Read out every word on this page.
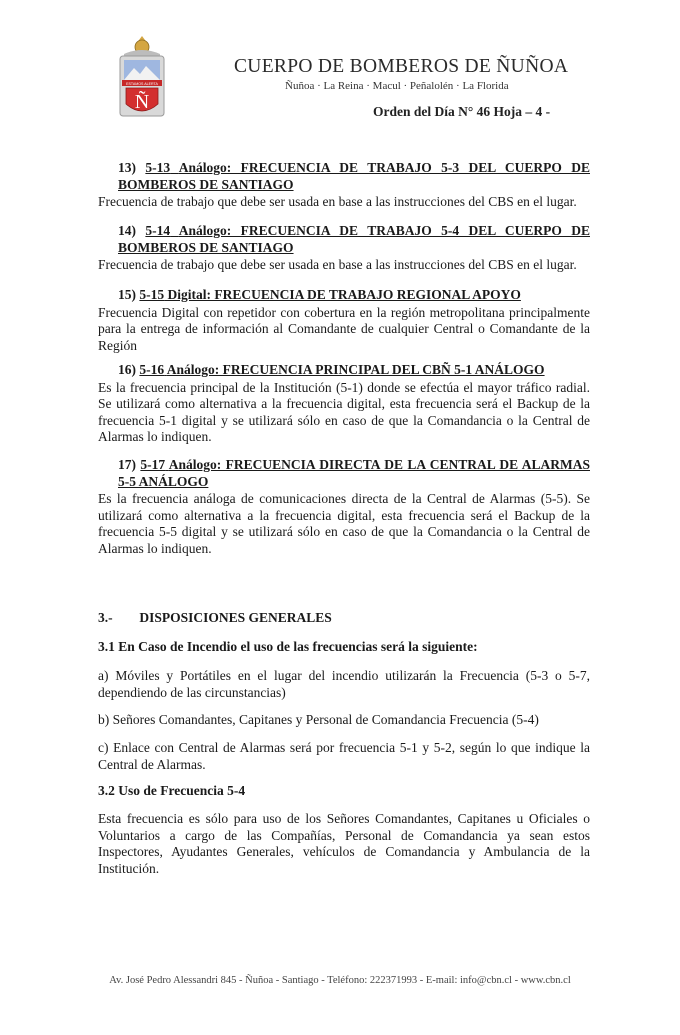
ESTAMOS ALERTA
Ñ
CUERPO DE BOMBEROS DE ÑUÑOA
Ñuñoa · La Reina · Macul · Peñalolén · La Florida
Orden del Día N° 46 Hoja – 4 -
13) 5-13 Análogo: FRECUENCIA DE TRABAJO 5-3 DEL CUERPO DE BOMBEROS DE SANTIAGO
Frecuencia de trabajo que debe ser usada en base a las instrucciones del CBS en el lugar.
14) 5-14 Análogo: FRECUENCIA DE TRABAJO 5-4 DEL CUERPO DE BOMBEROS DE SANTIAGO
Frecuencia de trabajo que debe ser usada en base a las instrucciones del CBS en el lugar.
15) 5-15 Digital: FRECUENCIA DE TRABAJO REGIONAL APOYO
Frecuencia Digital con repetidor con cobertura en la región metropolitana principalmente para la entrega de información al Comandante de cualquier Central o Comandante de la Región
16) 5-16 Análogo: FRECUENCIA PRINCIPAL DEL CBÑ 5-1 ANÁLOGO
Es la frecuencia principal de la Institución (5-1) donde se efectúa el mayor tráfico radial. Se utilizará como alternativa a la frecuencia digital, esta frecuencia será el Backup de la frecuencia 5-1 digital y se utilizará sólo en caso de que la Comandancia o la Central de Alarmas lo indiquen.
17) 5-17 Análogo: FRECUENCIA DIRECTA DE LA CENTRAL DE ALARMAS 5-5 ANÁLOGO
Es la frecuencia análoga de comunicaciones directa de la Central de Alarmas (5-5). Se utilizará como alternativa a la frecuencia digital, esta frecuencia será el Backup de la frecuencia 5-5 digital y se utilizará sólo en caso de que la Comandancia o la Central de Alarmas lo indiquen.
3.- DISPOSICIONES GENERALES
3.1 En Caso de Incendio el uso de las frecuencias será la siguiente:
a) Móviles y Portátiles en el lugar del incendio utilizarán la Frecuencia (5-3 o 5-7, dependiendo de las circunstancias)
b) Señores Comandantes, Capitanes y Personal de Comandancia Frecuencia (5-4)
c) Enlace con Central de Alarmas será por frecuencia 5-1 y 5-2, según lo que indique la Central de Alarmas.
3.2 Uso de Frecuencia 5-4
Esta frecuencia es sólo para uso de los Señores Comandantes, Capitanes u Oficiales o Voluntarios a cargo de las Compañías, Personal de Comandancia ya sean estos Inspectores, Ayudantes Generales, vehículos de Comandancia y Ambulancia de la Institución.
Av. José Pedro Alessandri 845 - Ñuñoa - Santiago - Teléfono: 222371993 - E-mail: info@cbn.cl - www.cbn.cl
